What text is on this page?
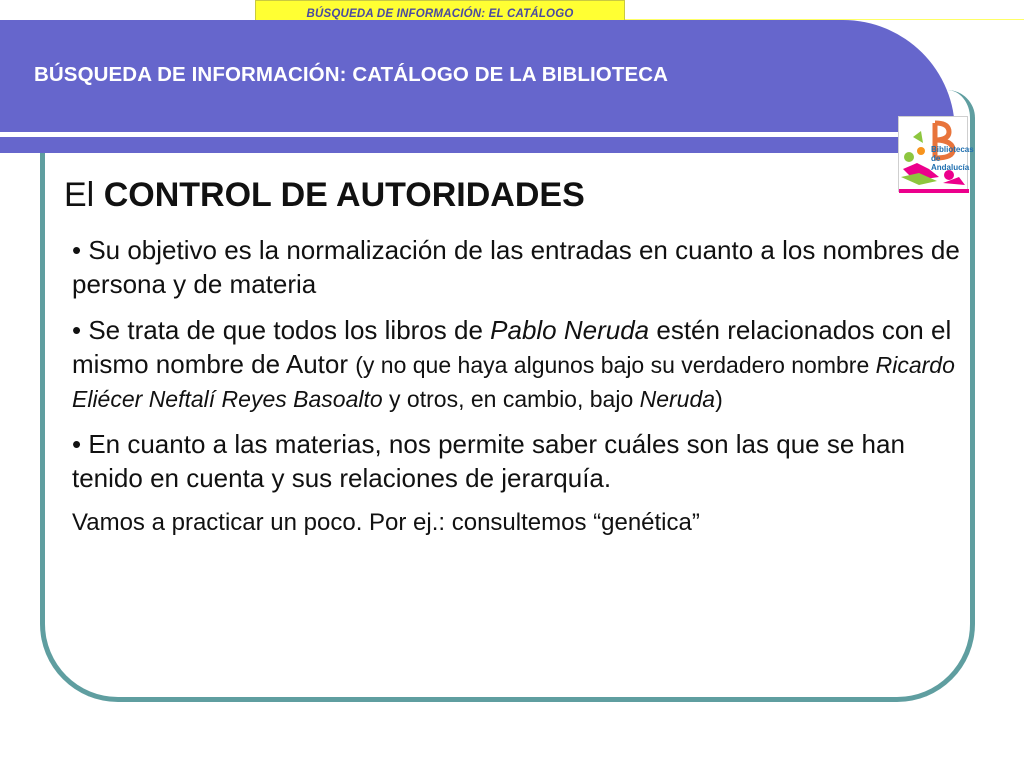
BÚSQUEDA DE INFORMACIÓN: EL CATÁLOGO
BÚSQUEDA DE INFORMACIÓN: CATÁLOGO DE LA BIBLIOTECA
Bibliotecas
de Andalucía
El CONTROL DE AUTORIDADES
• Su objetivo es la normalización de las entradas en cuanto a los nombres de persona y de materia
• Se trata de que todos los libros de Pablo Neruda estén relacionados con el mismo nombre de Autor (y no que haya algunos bajo su verdadero nombre Ricardo Eliécer Neftalí Reyes Basoalto y otros, en cambio, bajo Neruda)
• En cuanto a las materias, nos permite saber cuáles son las que se han tenido en cuenta y sus relaciones de jerarquía.
Vamos a practicar un poco. Por ej.: consultemos “genética”
